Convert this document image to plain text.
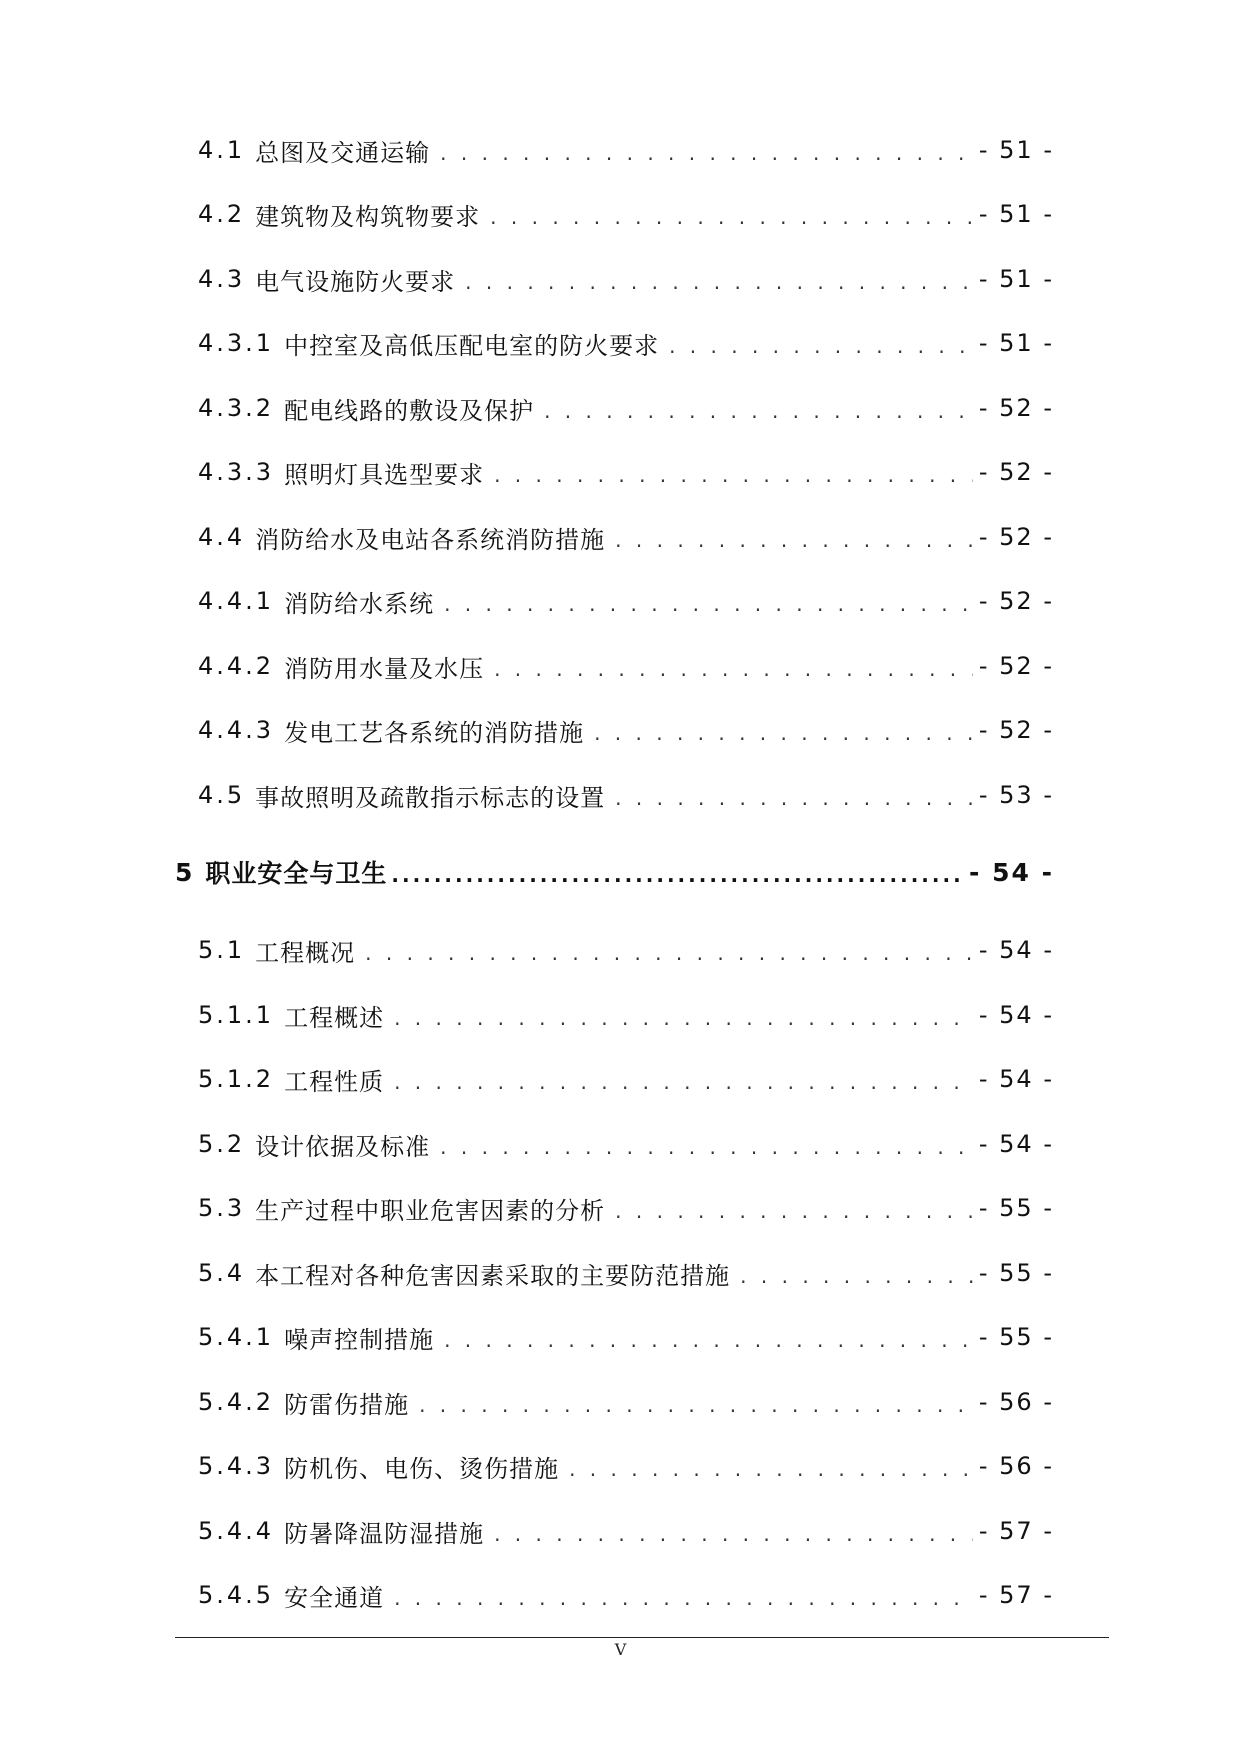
4.1 总图及交通运输 . . .	- 51 -
4.2 建筑物及构筑物要求 . . .	- 51 -
4.3 电气设施防火要求 . . .	- 51 -
4.3.1 中控室及高低压配电室的防火要求 . . .	- 51 -
4.3.2 配电线路的敷设及保护 . . .	- 52 -
4.3.3 照明灯具选型要求 . . .	- 52 -
4.4 消防给水及电站各系统消防措施 . . .	- 52 -
4.4.1 消防给水系统 . . .	- 52 -
4.4.2 消防用水量及水压 . . .	- 52 -
4.4.3 发电工艺各系统的消防措施 . . .	- 52 -
4.5 事故照明及疏散指示标志的设置 . . .	- 53 -
5 职业安全与卫生 .....	- 54 -
5.1 工程概况 . . .	- 54 -
5.1.1 工程概述 . . .	- 54 -
5.1.2 工程性质 . . .	- 54 -
5.2 设计依据及标准 . . .	- 54 -
5.3 生产过程中职业危害因素的分析 . . .	- 55 -
5.4 本工程对各种危害因素采取的主要防范措施 . . .	- 55 -
5.4.1 噪声控制措施 . . .	- 55 -
5.4.2 防雷伤措施 . . .	- 56 -
5.4.3 防机伤、电伤、烫伤措施 . . .	- 56 -
5.4.4 防暑降温防湿措施 . . .	- 57 -
5.4.5 安全通道 . . .	- 57 -
V
